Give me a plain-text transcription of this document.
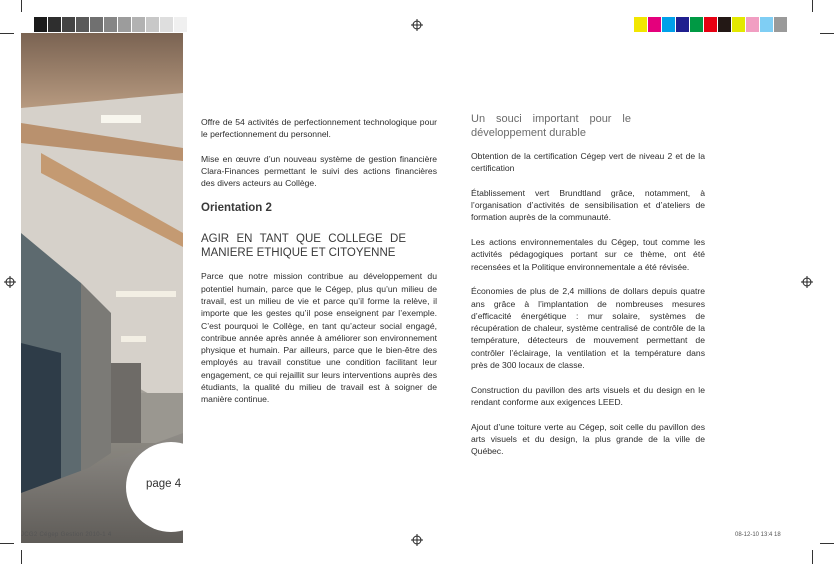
page 4

Offre de 54 activités de perfectionnement technologique pour le perfectionnement du personnel.

Mise en œuvre d’un nouveau système de gestion financière Clara-Finances permettant le suivi des actions financières des divers acteurs au Collège.

Orientation 2
AGIR EN TANT QUE COLLEGE DE MANIERE ETHIQUE ET CITOYENNE

Parce que notre mission contribue au développement du potentiel humain, parce que le Cégep, plus qu’un milieu de travail, est un milieu de vie et parce qu’il forme la relève, il importe que les gestes qu’il pose enseignent par l’exemple. C’est pourquoi le Collège, en tant qu’acteur social engagé, contribue année après année à améliorer son environnement physique et humain. Par ailleurs, parce que le bien-être des employés au travail constitue une condition facilitant leur engagement, ce qui rejaillit sur leurs interventions auprès des étudiants, la qualité du milieu de travail est à soigner de manière continue.

Un souci important pour le développement durable

Obtention de la certification Cégep vert de niveau 2 et de la certification

Établissement vert Brundtland grâce, notamment, à l’organisation d’activités de sensibilisation et d’ateliers de formation auprès de la communauté.

Les actions environnementales du Cégep, tout comme les activités pédagogiques portant sur ce thème, ont été recensées et la Politique environnementale a été révisée.

Économies de plus de 2,4 millions de dollars depuis quatre ans grâce à l’implantation de nombreuses mesures d’efficacité énergétique : mur solaire, systèmes de récupération de chaleur, système centralisé de contrôle de la température, détecteurs de mouvement permettant de contrôler l’éclairage, la ventilation et la température dans près de 300 locaux de classe.

Construction du pavillon des arts visuels et du design en le rendant conforme aux exigences LEED.

Ajout d’une toiture verte au Cégep, soit celle du pavillon des arts visuels et du design, la plus grande de la ville de Québec.

JCG2 Cégep Gestion 2010-1 4	08-12-10 13:4 18
